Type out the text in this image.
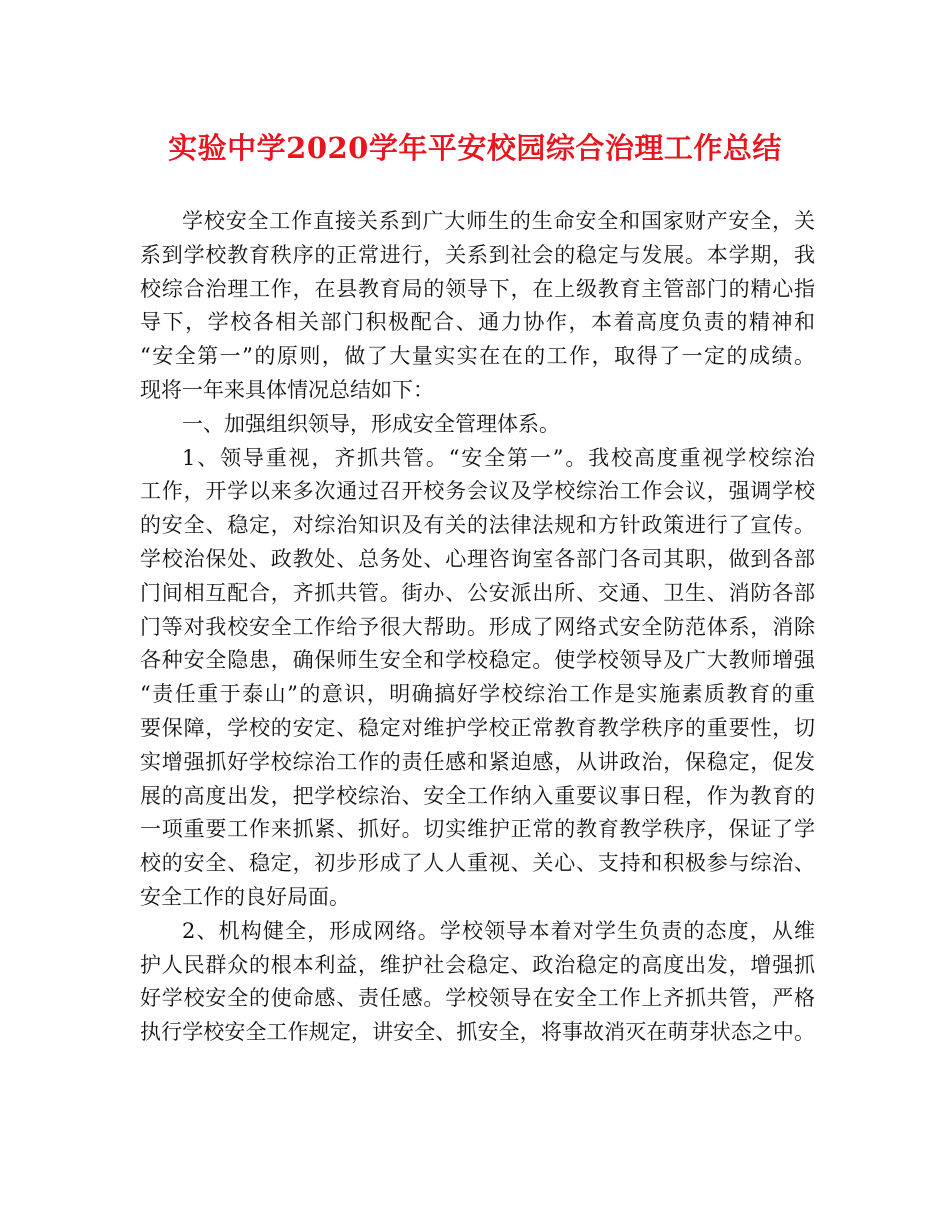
实验中学2020学年平安校园综合治理工作总结
学校安全工作直接关系到广大师生的生命安全和国家财产安全，关
系到学校教育秩序的正常进行，关系到社会的稳定与发展。本学期，我
校综合治理工作，在县教育局的领导下，在上级教育主管部门的精心指
导下，学校各相关部门积极配合、通力协作，本着高度负责的精神和
“安全第一”的原则，做了大量实实在在的工作，取得了一定的成绩。
现将一年来具体情况总结如下：
一、加强组织领导，形成安全管理体系。
1、领导重视，齐抓共管。“安全第一”。我校高度重视学校综治
工作，开学以来多次通过召开校务会议及学校综治工作会议，强调学校
的安全、稳定，对综治知识及有关的法律法规和方针政策进行了宣传。
学校治保处、政教处、总务处、心理咨询室各部门各司其职，做到各部
门间相互配合，齐抓共管。街办、公安派出所、交通、卫生、消防各部
门等对我校安全工作给予很大帮助。形成了网络式安全防范体系，消除
各种安全隐患，确保师生安全和学校稳定。使学校领导及广大教师增强
“责任重于泰山”的意识，明确搞好学校综治工作是实施素质教育的重
要保障，学校的安定、稳定对维护学校正常教育教学秩序的重要性，切
实增强抓好学校综治工作的责任感和紧迫感，从讲政治，保稳定，促发
展的高度出发，把学校综治、安全工作纳入重要议事日程，作为教育的
一项重要工作来抓紧、抓好。切实维护正常的教育教学秩序，保证了学
校的安全、稳定，初步形成了人人重视、关心、支持和积极参与综治、
安全工作的良好局面。
2、机构健全，形成网络。学校领导本着对学生负责的态度，从维
护人民群众的根本利益，维护社会稳定、政治稳定的高度出发，增强抓
好学校安全的使命感、责任感。学校领导在安全工作上齐抓共管，严格
执行学校安全工作规定，讲安全、抓安全，将事故消灭在萌芽状态之中。
